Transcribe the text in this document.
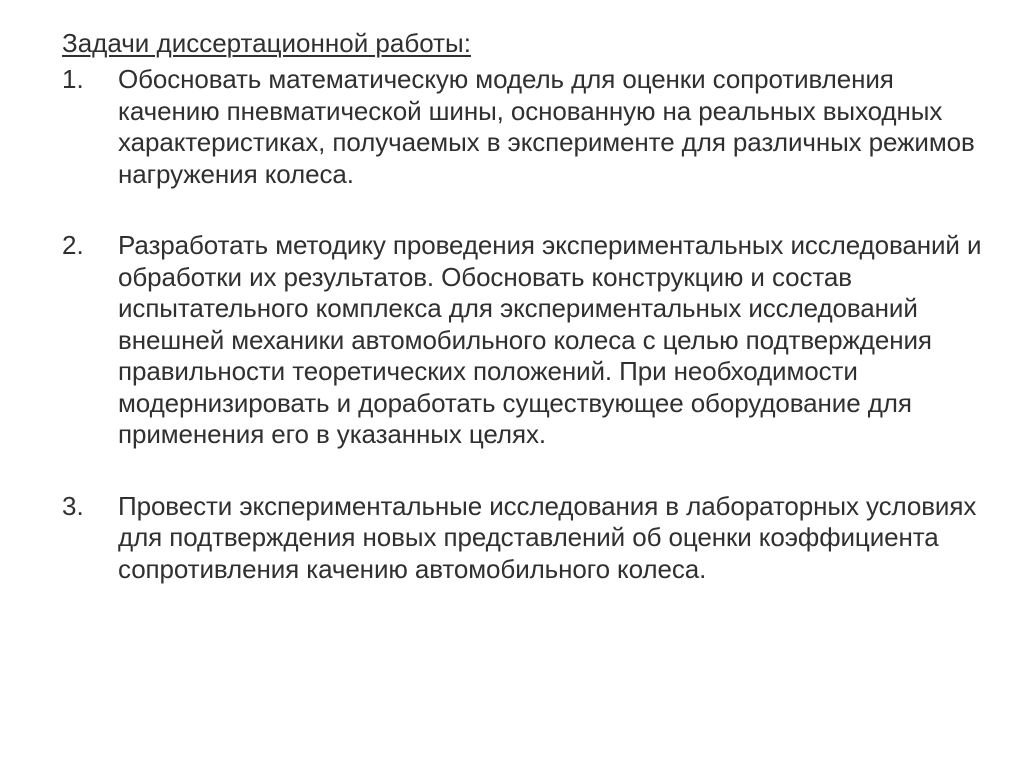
Задачи диссертационной работы:
1.	Обосновать математическую модель для оценки сопротивления качению пневматической шины, основанную на реальных выходных характеристиках, получаемых в эксперименте для различных режимов нагружения колеса.
2.	Разработать методику проведения экспериментальных исследований и обработки их результатов. Обосновать конструкцию и состав испытательного комплекса для экспериментальных исследований внешней механики автомобильного колеса с целью подтверждения правильности теоретических положений. При необходимости модернизировать и доработать существующее оборудование для применения его в указанных целях.
3.	Провести экспериментальные исследования в лабораторных условиях для подтверждения новых представлений об оценки коэффициента сопротивления качению автомобильного колеса.
